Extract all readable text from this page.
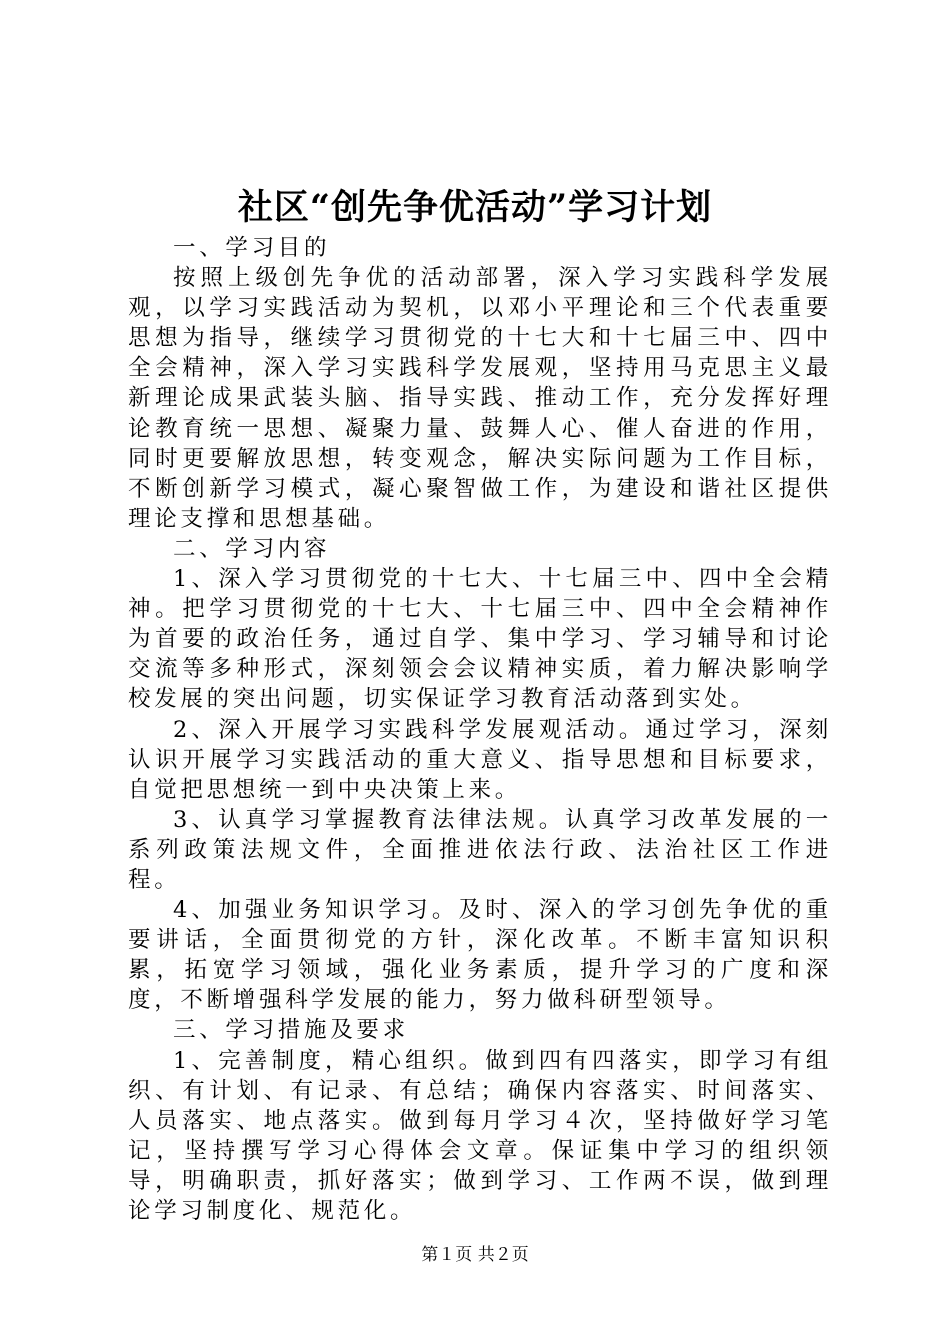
社区“创先争优活动”学习计划

一、学习目的

按照上级创先争优的活动部署，深入学习实践科学发展观，以学习实践活动为契机，以邓小平理论和三个代表重要思想为指导，继续学习贯彻党的十七大和十七届三中、四中全会精神，深入学习实践科学发展观，坚持用马克思主义最新理论成果武装头脑、指导实践、推动工作，充分发挥好理论教育统一思想、凝聚力量、鼓舞人心、催人奋进的作用，同时更要解放思想，转变观念，解决实际问题为工作目标，不断创新学习模式，凝心聚智做工作，为建设和谐社区提供理论支撑和思想基础。

二、学习内容

1、深入学习贯彻党的十七大、十七届三中、四中全会精神。把学习贯彻党的十七大、十七届三中、四中全会精神作为首要的政治任务，通过自学、集中学习、学习辅导和讨论交流等多种形式，深刻领会会议精神实质，着力解决影响学校发展的突出问题，切实保证学习教育活动落到实处。

2、深入开展学习实践科学发展观活动。通过学习，深刻认识开展学习实践活动的重大意义、指导思想和目标要求，自觉把思想统一到中央决策上来。

3、认真学习掌握教育法律法规。认真学习改革发展的一系列政策法规文件，全面推进依法行政、法治社区工作进程。

4、加强业务知识学习。及时、深入的学习创先争优的重要讲话，全面贯彻党的方针，深化改革。不断丰富知识积累，拓宽学习领域，强化业务素质，提升学习的广度和深度，不断增强科学发展的能力，努力做科研型领导。

三、学习措施及要求

1、完善制度，精心组织。做到四有四落实，即学习有组织、有计划、有记录、有总结；确保内容落实、时间落实、人员落实、地点落实。做到每月学习４次，坚持做好学习笔记，坚持撰写学习心得体会文章。保证集中学习的组织领导，明确职责，抓好落实；做到学习、工作两不误，做到理论学习制度化、规范化。

第１页 共２页
